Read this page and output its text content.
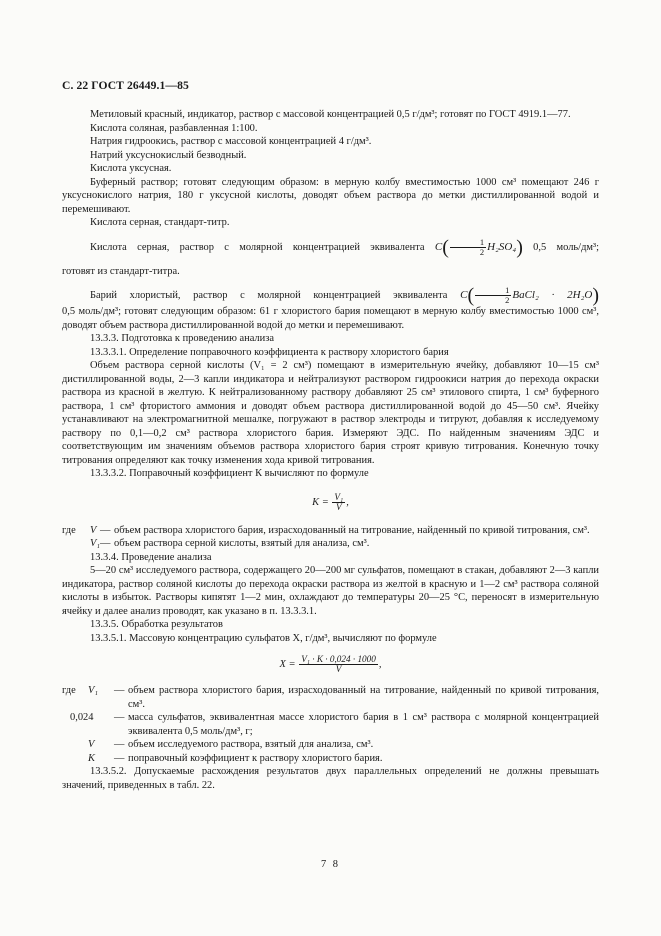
С. 22 ГОСТ 26449.1—85

Метиловый красный, индикатор, раствор с массовой концентрацией 0,5 г/дм³; готовят по ГОСТ 4919.1—77.

Кислота соляная, разбавленная 1:100.

Натрия гидроокись, раствор с массовой концентрацией 4 г/дм³.

Натрий уксуснокислый безводный.

Кислота уксусная.

Буферный раствор; готовят следующим образом: в мерную колбу вместимостью 1000 см³ помещают 246 г уксуснокислого натрия, 180 г уксусной кислоты, доводят объем раствора до метки дистиллированной водой и перемешивают.

Кислота серная, стандарт-титр.

Кислота серная, раствор с молярной концентрацией эквивалента $C( \frac{1}{2} H_2SO_4)$ 0,5 моль/дм³;

готовят из стандарт-титра.

Барий хлористый, раствор с молярной концентрацией эквивалента $C( \frac{1}{2}$ BaCl₂ · 2H₂O)

0,5 моль/дм³; готовят следующим образом: 61 г хлористого бария помещают в мерную колбу вместимостью 1000 см³, доводят объем раствора дистиллированной водой до метки и перемешивают.

13.3.3. Подготовка к проведению анализа

13.3.3.1. Определение поправочного коэффициента к раствору хлористого бария

Объем раствора серной кислоты (V₁ = 2 см³) помещают в измерительную ячейку, добавляют 10—15 см³ дистиллированной воды, 2—3 капли индикатора и нейтрализуют раствором гидроокиси натрия до перехода окраски раствора из красной в желтую. К нейтрализованному раствору добавляют 25 см³ этилового спирта, 1 см³ буферного раствора, 1 см³ фтористого аммония и доводят объем раствора дистиллированной водой до 45—50 см³. Ячейку устанавливают на электромагнитной мешалке, погружают в раствор электроды и титруют, добавляя к исследуемому раствору по 0,1—0,2 см³ раствора хлористого бария. Измеряют ЭДС. По найденным значениям ЭДС и соответствующим им значениям объемов раствора хлористого бария строят кривую титрования. Конечную точку титрования определяют как точку изменения хода кривой титрования.

13.3.3.2. Поправочный коэффициент К вычисляют по формуле

$K = \frac{\text{V₁}}{V}$ ,
где	V — объем раствора хлористого бария, израсходованный на титрование, найденный по кривой титрования, см³.
V₁ — объем раствора серной кислоты, взятый для анализа, см³.

13.3.4. Проведение анализа

5—20 см³ исследуемого раствора, содержащего 20—200 мг сульфатов, помещают в стакан, добавляют 2—3 капли индикатора, раствор соляной кислоты до перехода окраски раствора из желтой в красную и 1—2 см³ раствора соляной кислоты в избыток. Растворы кипятят 1—2 мин, охлаждают до температуры 20—25 °С, переносят в измерительную ячейку и далее анализ проводят, как указано в п. 13.3.3.1.

13.3.5. Обработка результатов

13.3.5.1. Массовую концентрацию сульфатов X, г/дм³, вычисляют по формуле

$X = \frac{\text{V₁ · K · 0,024 · 1000}}{V}$ ,
где	V₁	— объем раствора хлористого бария, израсходованный на титрование, найденный по кривой титрования, см³.
0,024	— масса сульфатов, эквивалентная массе хлористого бария в 1 см³ раствора с молярной концентрацией эквивалента 0,5 моль/дм³, г;
V	— объем исследуемого раствора, взятый для анализа, см³.
K	— поправочный коэффициент к раствору хлористого бария.

13.3.5.2. Допускаемые расхождения результатов двух параллельных определений не должны превышать значений, приведенных в табл. 22.

7 8
